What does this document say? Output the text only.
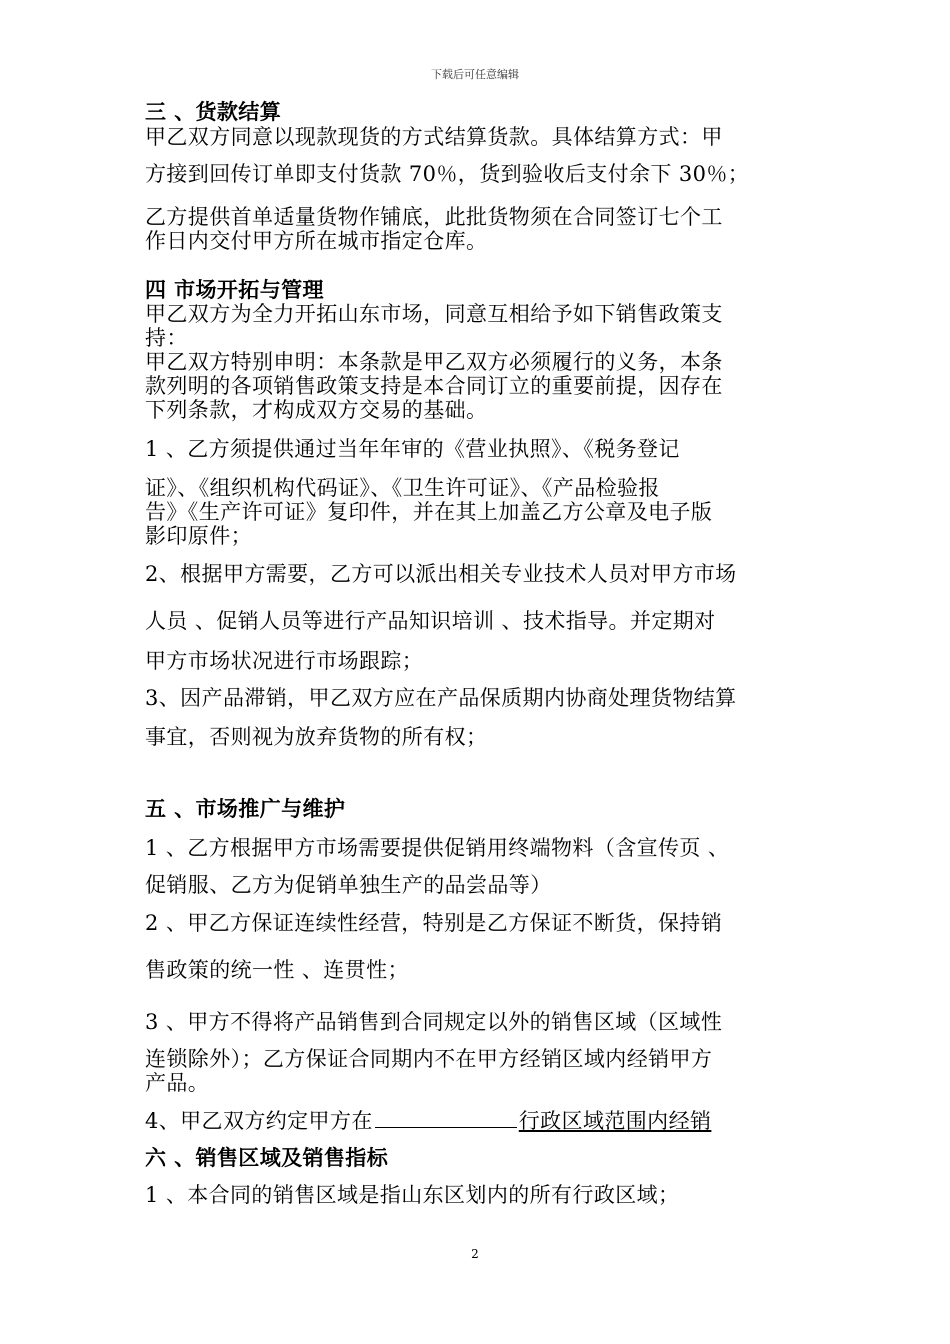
下载后可任意编辑
三 、货款结算
甲乙双方同意以现款现货的方式结算货款。具体结算方式：甲
方接到回传订单即支付货款 70％，货到验收后支付余下 30％；
乙方提供首单适量货物作铺底，此批货物须在合同签订七个工
作日内交付甲方所在城市指定仓库。
四 市场开拓与管理
甲乙双方为全力开拓山东市场，同意互相给予如下销售政策支
持：
甲乙双方特别申明：本条款是甲乙双方必须履行的义务，本条
款列明的各项销售政策支持是本合同订立的重要前提，因存在
下列条款，才构成双方交易的基础。
1 、乙方须提供通过当年年审的《营业执照》、《税务登记
证》、《组织机构代码证》、《卫生许可证》、《产品检验报
告》《生产许可证》复印件，并在其上加盖乙方公章及电子版
影印原件；
2、根据甲方需要，乙方可以派出相关专业技术人员对甲方市场
人员 、促销人员等进行产品知识培训 、技术指导。并定期对
甲方市场状况进行市场跟踪；
3、因产品滞销，甲乙双方应在产品保质期内协商处理货物结算
事宜，否则视为放弃货物的所有权；
五 、市场推广与维护
1 、乙方根据甲方市场需要提供促销用终端物料（含宣传页 、
促销服、乙方为促销单独生产的品尝品等）
2 、甲乙方保证连续性经营，特别是乙方保证不断货，保持销
售政策的统一性 、连贯性；
3 、甲方不得将产品销售到合同规定以外的销售区域（区域性
连锁除外）；乙方保证合同期内不在甲方经销区域内经销甲方
产品。
4、甲乙双方约定甲方在	行政区域范围内经销
六 、销售区域及销售指标
1 、本合同的销售区域是指山东区划内的所有行政区域；
2
